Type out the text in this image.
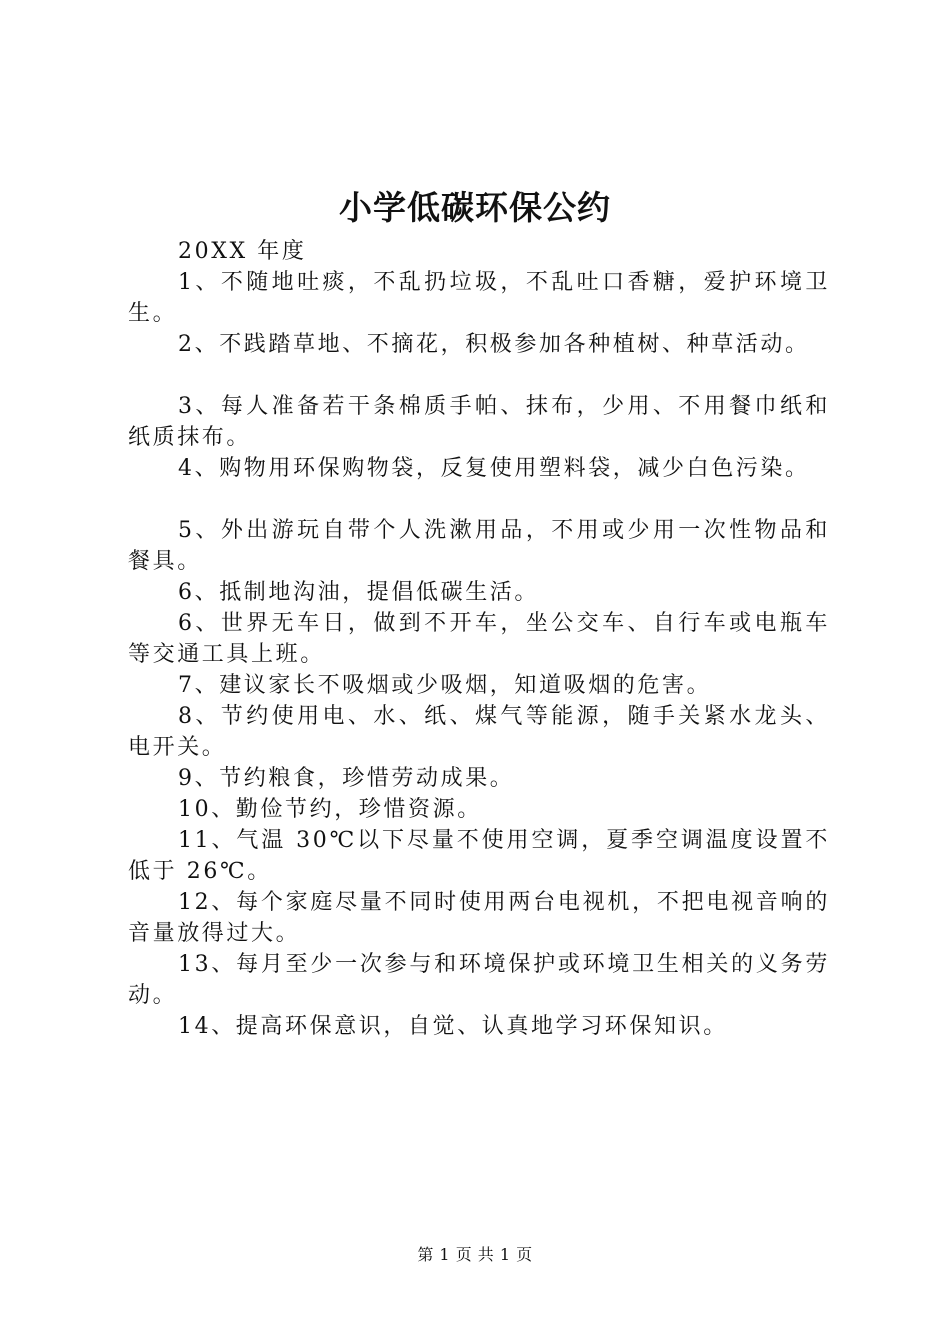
小学低碳环保公约

20XX 年度

1、不随地吐痰，不乱扔垃圾，不乱吐口香糖，爱护环境卫生。

2、不践踏草地、不摘花，积极参加各种植树、种草活动。

3、每人准备若干条棉质手帕、抹布，少用、不用餐巾纸和纸质抹布。

4、购物用环保购物袋，反复使用塑料袋，减少白色污染。

5、外出游玩自带个人洗漱用品，不用或少用一次性物品和餐具。

6、抵制地沟油，提倡低碳生活。

6、世界无车日，做到不开车，坐公交车、自行车或电瓶车等交通工具上班。

7、建议家长不吸烟或少吸烟，知道吸烟的危害。

8、节约使用电、水、纸、煤气等能源，随手关紧水龙头、电开关。

9、节约粮食，珍惜劳动成果。

10、勤俭节约，珍惜资源。

11、气温 30℃以下尽量不使用空调，夏季空调温度设置不低于 26℃。

12、每个家庭尽量不同时使用两台电视机，不把电视音响的音量放得过大。

13、每月至少一次参与和环境保护或环境卫生相关的义务劳动。

14、提高环保意识，自觉、认真地学习环保知识。

第 1 页 共 1 页
